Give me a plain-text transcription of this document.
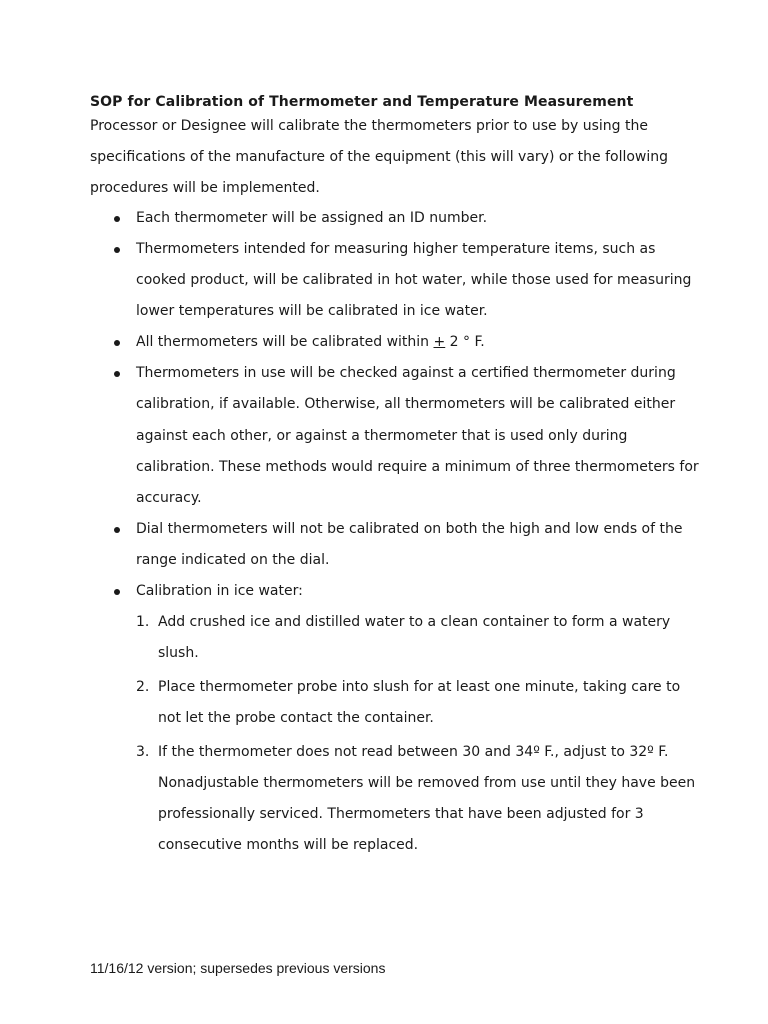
SOP for Calibration of Thermometer and Temperature Measurement
Processor or Designee will calibrate the thermometers prior to use by using the
specifications of the manufacture of the equipment (this will vary) or the following
procedures will be implemented.
Each thermometer will be assigned an ID number.
Thermometers intended for measuring higher temperature items, such as
cooked product, will be calibrated in hot water, while those used for measuring
lower temperatures will be calibrated in ice water.
All thermometers will be calibrated within + 2 ° F.
Thermometers in use will be checked against a certified thermometer during
calibration, if available. Otherwise, all thermometers will be calibrated either
against each other, or against a thermometer that is used only during
calibration. These methods would require a minimum of three thermometers for
accuracy.
Dial thermometers will not be calibrated on both the high and low ends of the
range indicated on the dial.
Calibration in ice water:
1. Add crushed ice and distilled water to a clean container to form a watery
slush.
2. Place thermometer probe into slush for at least one minute, taking care to
not let the probe contact the container.
3. If the thermometer does not read between 30 and 34º F., adjust to 32º F.
Nonadjustable thermometers will be removed from use until they have been
professionally serviced. Thermometers that have been adjusted for 3
consecutive months will be replaced.
11/16/12 version; supersedes previous versions
